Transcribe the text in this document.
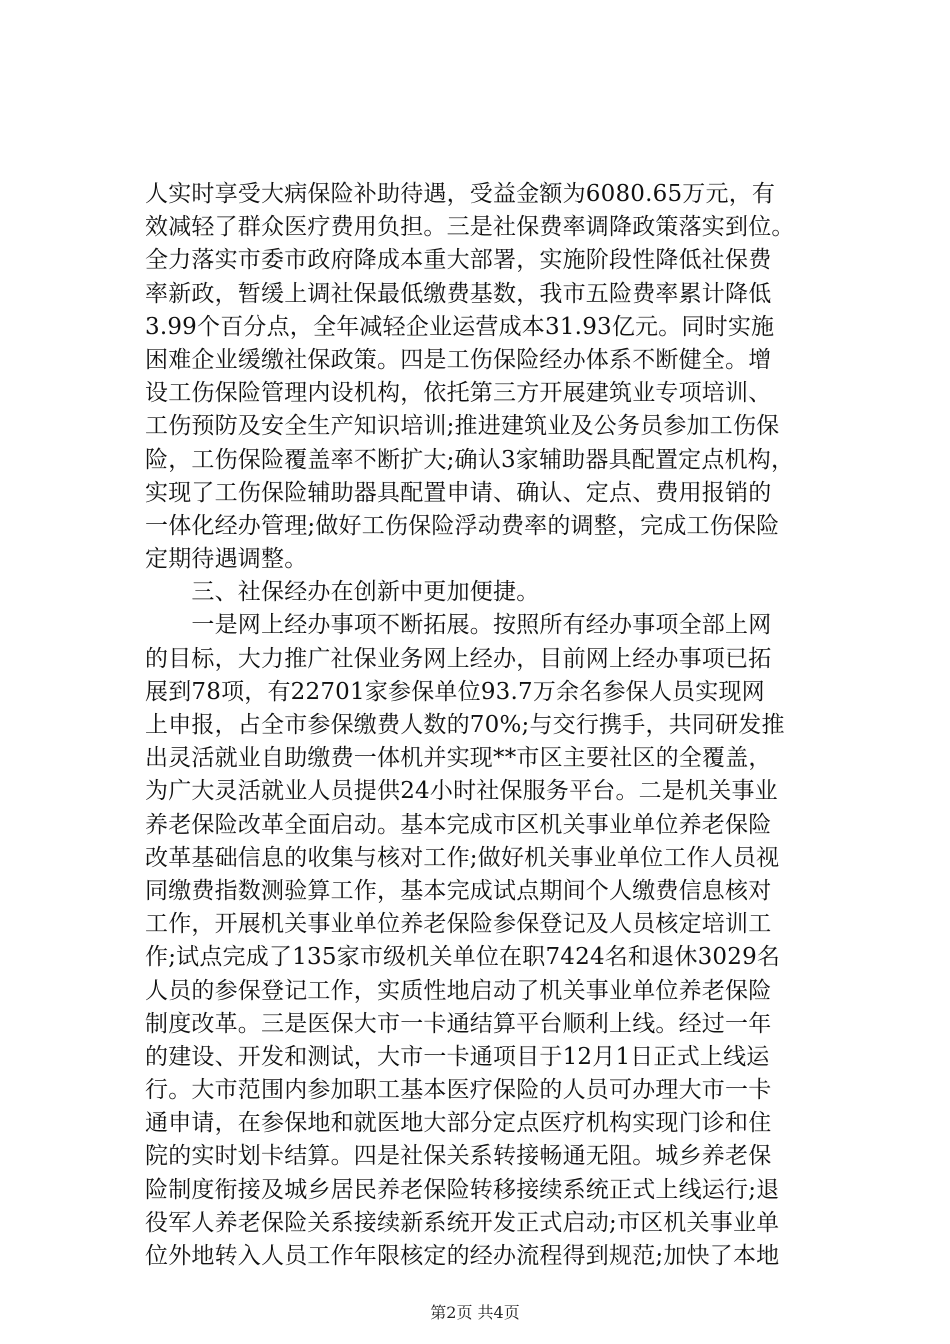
人实时享受大病保险补助待遇，受益金额为6080.65万元，有
效减轻了群众医疗费用负担。三是社保费率调降政策落实到位。
全力落实市委市政府降成本重大部署，实施阶段性降低社保费
率新政，暂缓上调社保最低缴费基数，我市五险费率累计降低
3.99个百分点，全年减轻企业运营成本31.93亿元。同时实施
困难企业缓缴社保政策。四是工伤保险经办体系不断健全。增
设工伤保险管理内设机构，依托第三方开展建筑业专项培训、
工伤预防及安全生产知识培训;推进建筑业及公务员参加工伤保
险，工伤保险覆盖率不断扩大;确认3家辅助器具配置定点机构，
实现了工伤保险辅助器具配置申请、确认、定点、费用报销的
一体化经办管理;做好工伤保险浮动费率的调整，完成工伤保险
定期待遇调整。
　　三、社保经办在创新中更加便捷。
　　一是网上经办事项不断拓展。按照所有经办事项全部上网
的目标，大力推广社保业务网上经办，目前网上经办事项已拓
展到78项，有22701家参保单位93.7万余名参保人员实现网
上申报，占全市参保缴费人数的70%;与交行携手，共同研发推
出灵活就业自助缴费一体机并实现**市区主要社区的全覆盖，
为广大灵活就业人员提供24小时社保服务平台。二是机关事业
养老保险改革全面启动。基本完成市区机关事业单位养老保险
改革基础信息的收集与核对工作;做好机关事业单位工作人员视
同缴费指数测验算工作，基本完成试点期间个人缴费信息核对
工作，开展机关事业单位养老保险参保登记及人员核定培训工
作;试点完成了135家市级机关单位在职7424名和退休3029名
人员的参保登记工作，实质性地启动了机关事业单位养老保险
制度改革。三是医保大市一卡通结算平台顺利上线。经过一年
的建设、开发和测试，大市一卡通项目于12月1日正式上线运
行。大市范围内参加职工基本医疗保险的人员可办理大市一卡
通申请，在参保地和就医地大部分定点医疗机构实现门诊和住
院的实时划卡结算。四是社保关系转接畅通无阻。城乡养老保
险制度衔接及城乡居民养老保险转移接续系统正式上线运行;退
役军人养老保险关系接续新系统开发正式启动;市区机关事业单
位外地转入人员工作年限核定的经办流程得到规范;加快了本地
第2页 共4页
